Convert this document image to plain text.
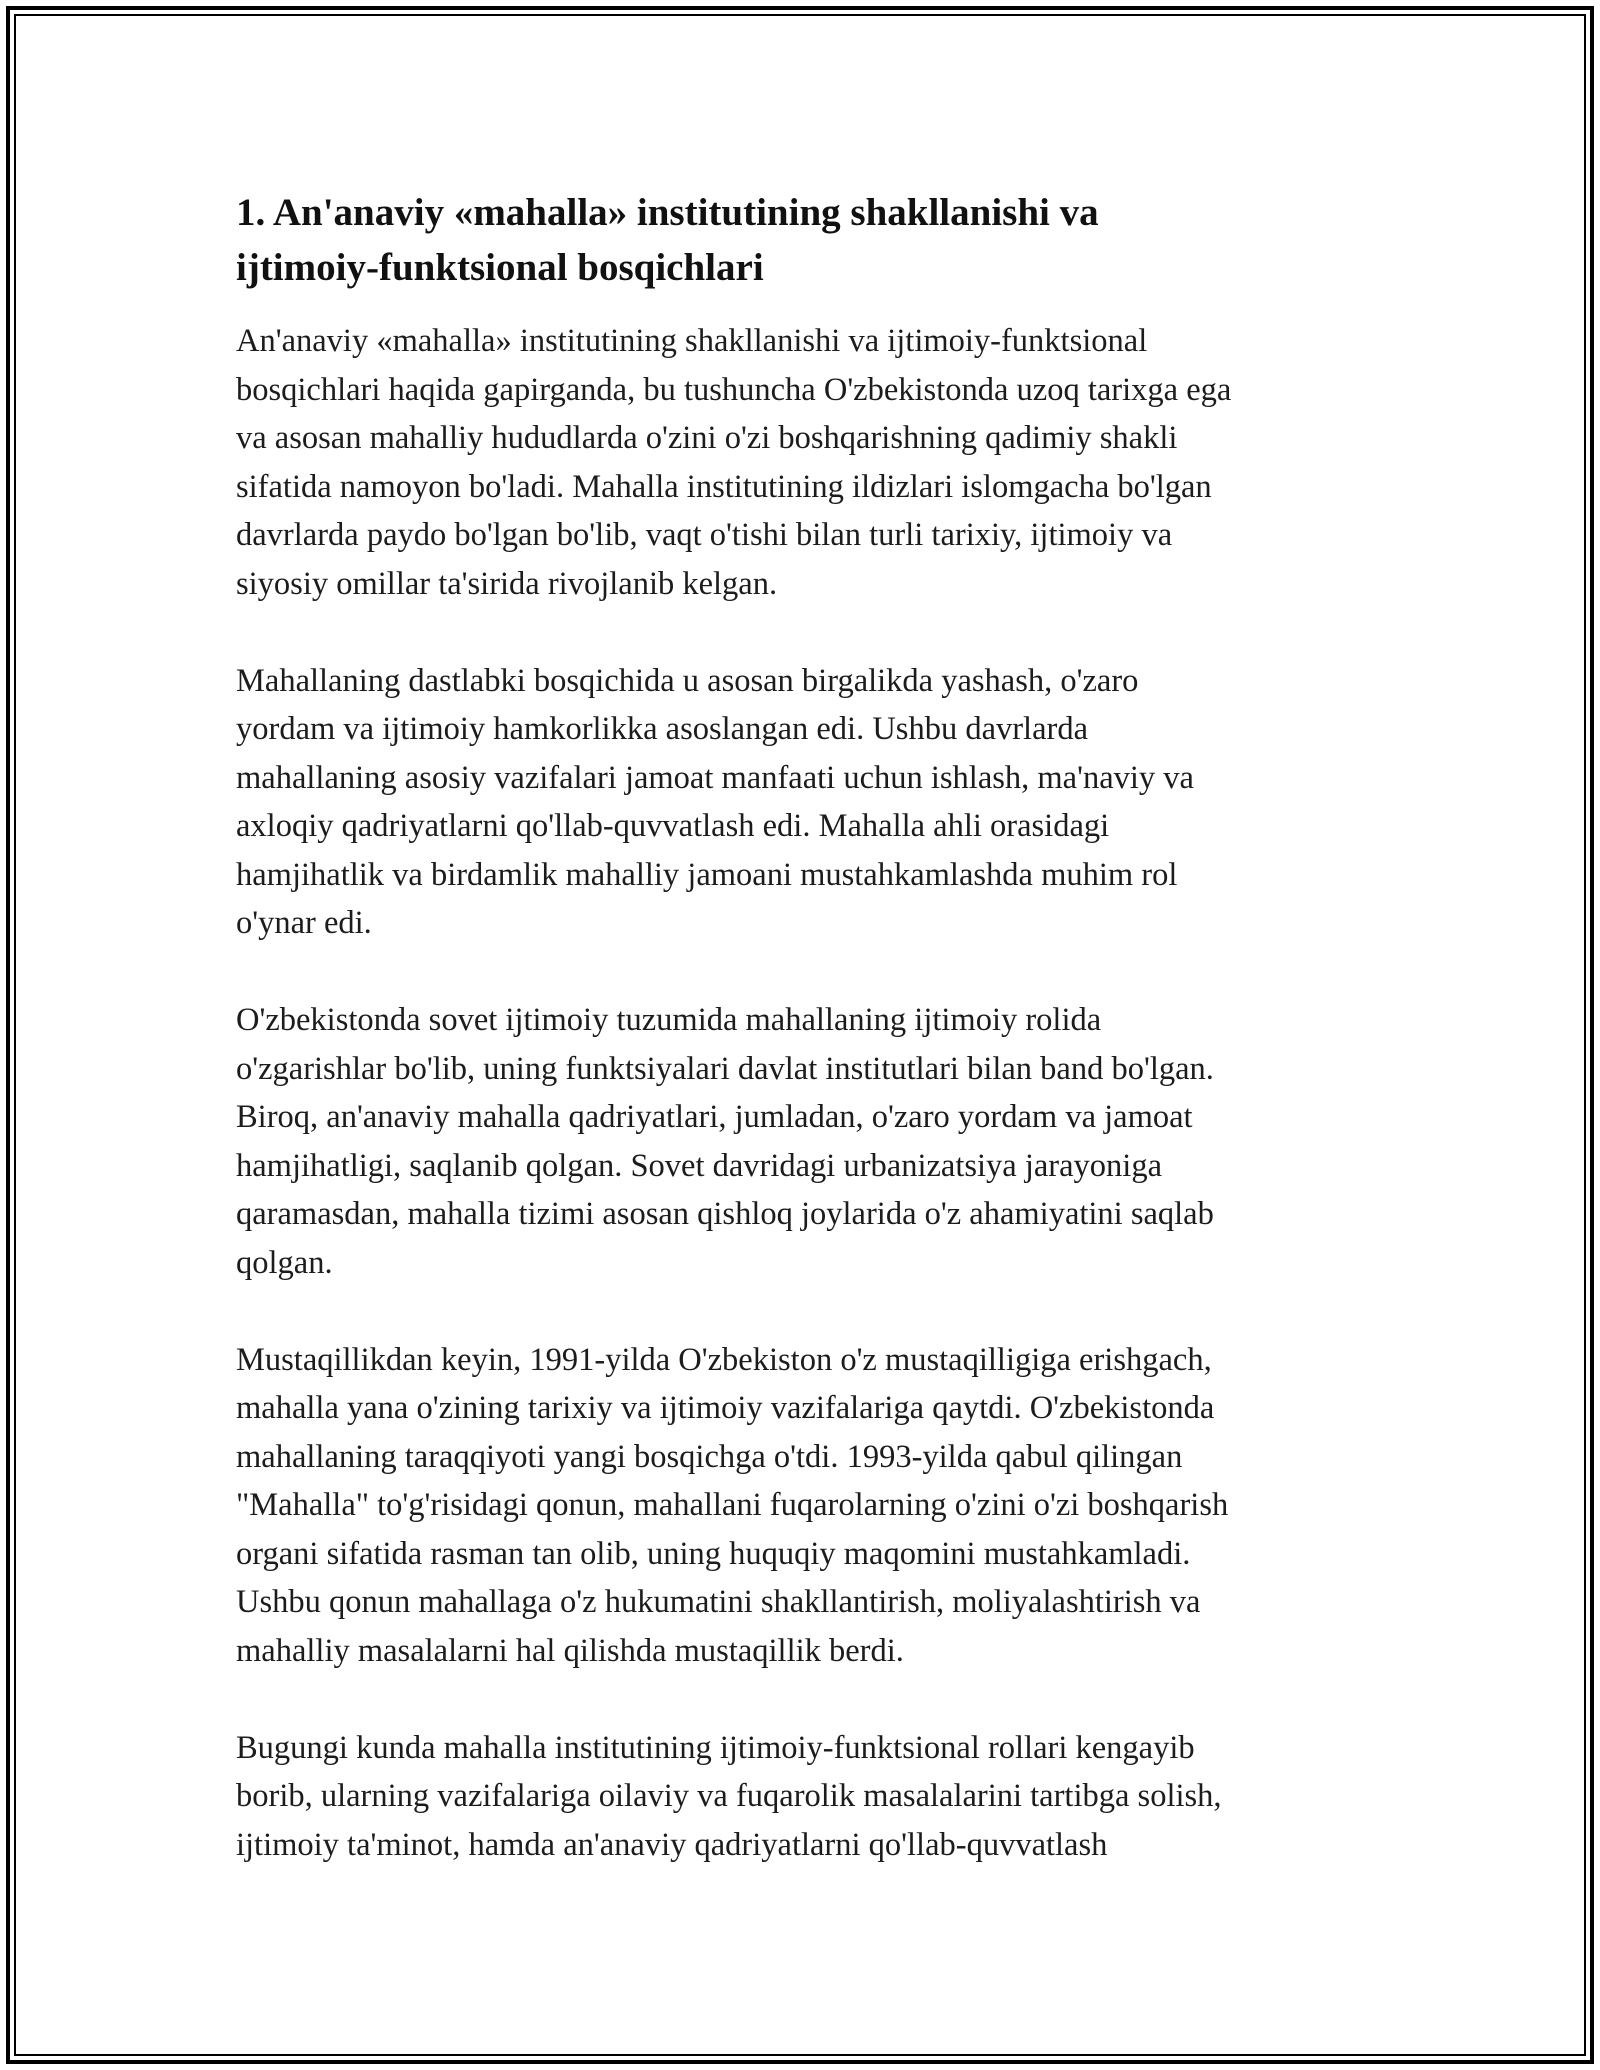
1. An'anaviy «mahalla» institutining shakllanishi va
ijtimoiy-funktsional bosqichlari

An'anaviy «mahalla» institutining shakllanishi va ijtimoiy-funktsional
bosqichlari haqida gapirganda, bu tushuncha O'zbekistonda uzoq tarixga ega
va asosan mahalliy hududlarda o'zini o'zi boshqarishning qadimiy shakli
sifatida namoyon bo'ladi. Mahalla institutining ildizlari islomgacha bo'lgan
davrlarda paydo bo'lgan bo'lib, vaqt o'tishi bilan turli tarixiy, ijtimoiy va
siyosiy omillar ta'sirida rivojlanib kelgan.

Mahallaning dastlabki bosqichida u asosan birgalikda yashash, o'zaro
yordam va ijtimoiy hamkorlikka asoslangan edi. Ushbu davrlarda
mahallaning asosiy vazifalari jamoat manfaati uchun ishlash, ma'naviy va
axloqiy qadriyatlarni qo'llab-quvvatlash edi. Mahalla ahli orasidagi
hamjihatlik va birdamlik mahalliy jamoani mustahkamlashda muhim rol
o'ynar edi.

O'zbekistonda sovet ijtimoiy tuzumida mahallaning ijtimoiy rolida
o'zgarishlar bo'lib, uning funktsiyalari davlat institutlari bilan band bo'lgan.
Biroq, an'anaviy mahalla qadriyatlari, jumladan, o'zaro yordam va jamoat
hamjihatligi, saqlanib qolgan. Sovet davridagi urbanizatsiya jarayoniga
qaramasdan, mahalla tizimi asosan qishloq joylarida o'z ahamiyatini saqlab
qolgan.

Mustaqillikdan keyin, 1991-yilda O'zbekiston o'z mustaqilligiga erishgach,
mahalla yana o'zining tarixiy va ijtimoiy vazifalariga qaytdi. O'zbekistonda
mahallaning taraqqiyoti yangi bosqichga o'tdi. 1993-yilda qabul qilingan
"Mahalla" to'g'risidagi qonun, mahallani fuqarolarning o'zini o'zi boshqarish
organi sifatida rasman tan olib, uning huquqiy maqomini mustahkamladi.
Ushbu qonun mahallaga o'z hukumatini shakllantirish, moliyalashtirish va
mahalliy masalalarni hal qilishda mustaqillik berdi.

Bugungi kunda mahalla institutining ijtimoiy-funktsional rollari kengayib
borib, ularning vazifalariga oilaviy va fuqarolik masalalarini tartibga solish,
ijtimoiy ta'minot, hamda an'anaviy qadriyatlarni qo'llab-quvvatlash
